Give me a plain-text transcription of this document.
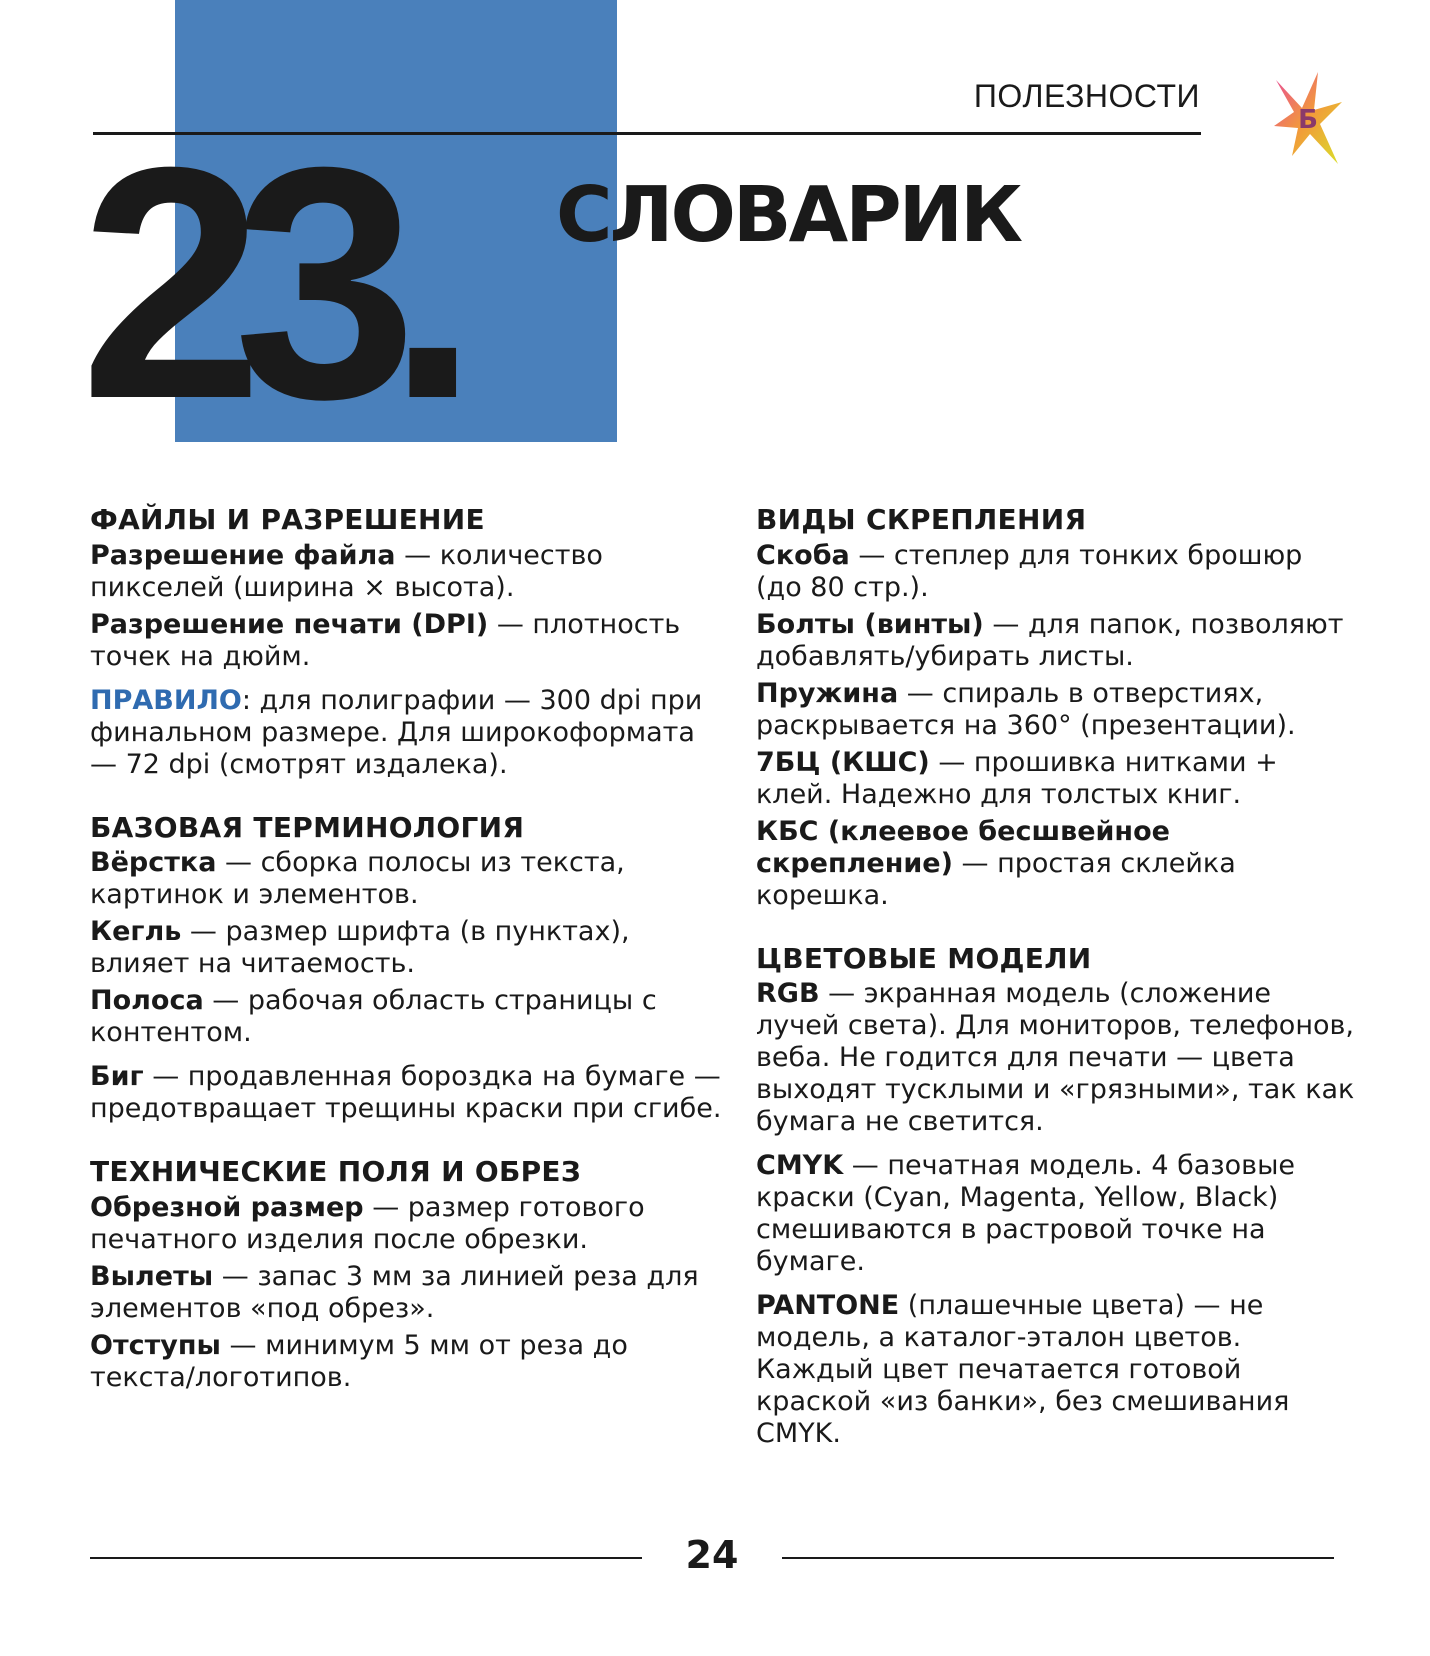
ПОЛЕЗНОСТИ
Б
23. СЛОВАРИК
ФАЙЛЫ И РАЗРЕШЕНИЕ

Разрешение файла — количество пикселей (ширина × высота).

Разрешение печати (DPI) — плотность точек на дюйм.

ПРАВИЛО: для полиграфии — 300 dpi при финальном размере. Для широкоформата — 72 dpi (смотрят издалека).

БАЗОВАЯ ТЕРМИНОЛОГИЯ

Вёрстка — сборка полосы из текста, картинок и элементов.

Кегль — размер шрифта (в пунктах), влияет на читаемость.

Полоса — рабочая область страницы с контентом.

Биг — продавленная бороздка на бумаге — предотвращает трещины краски при сгибе.

ТЕХНИЧЕСКИЕ ПОЛЯ И ОБРЕЗ

Обрезной размер — размер готового печатного изделия после обрезки.

Вылеты — запас 3 мм за линией реза для элементов «под обрез».

Отступы — минимум 5 мм от реза до текста/логотипов.

ВИДЫ СКРЕПЛЕНИЯ

Скоба — степлер для тонких брошюр (до 80 стр.).

Болты (винты) — для папок, позволяют добавлять/убирать листы.

Пружина — спираль в отверстиях, раскрывается на 360° (презентации).

7БЦ (КШС) — прошивка нитками + клей. Надежно для толстых книг.

КБС (клеевое бесшвейное скрепление) — простая склейка корешка.

ЦВЕТОВЫЕ МОДЕЛИ

RGB — экранная модель (сложение лучей света). Для мониторов, телефонов, веба. Не годится для печати — цвета выходят тусклыми и «грязными», так как бумага не светится.

CMYK — печатная модель. 4 базовые краски (Cyan, Magenta, Yellow, Black) смешиваются в растровой точке на бумаге.

PANTONE (плашечные цвета) — не модель, а каталог-эталон цветов. Каждый цвет печатается готовой краской «из банки», без смешивания CMYK.

24
